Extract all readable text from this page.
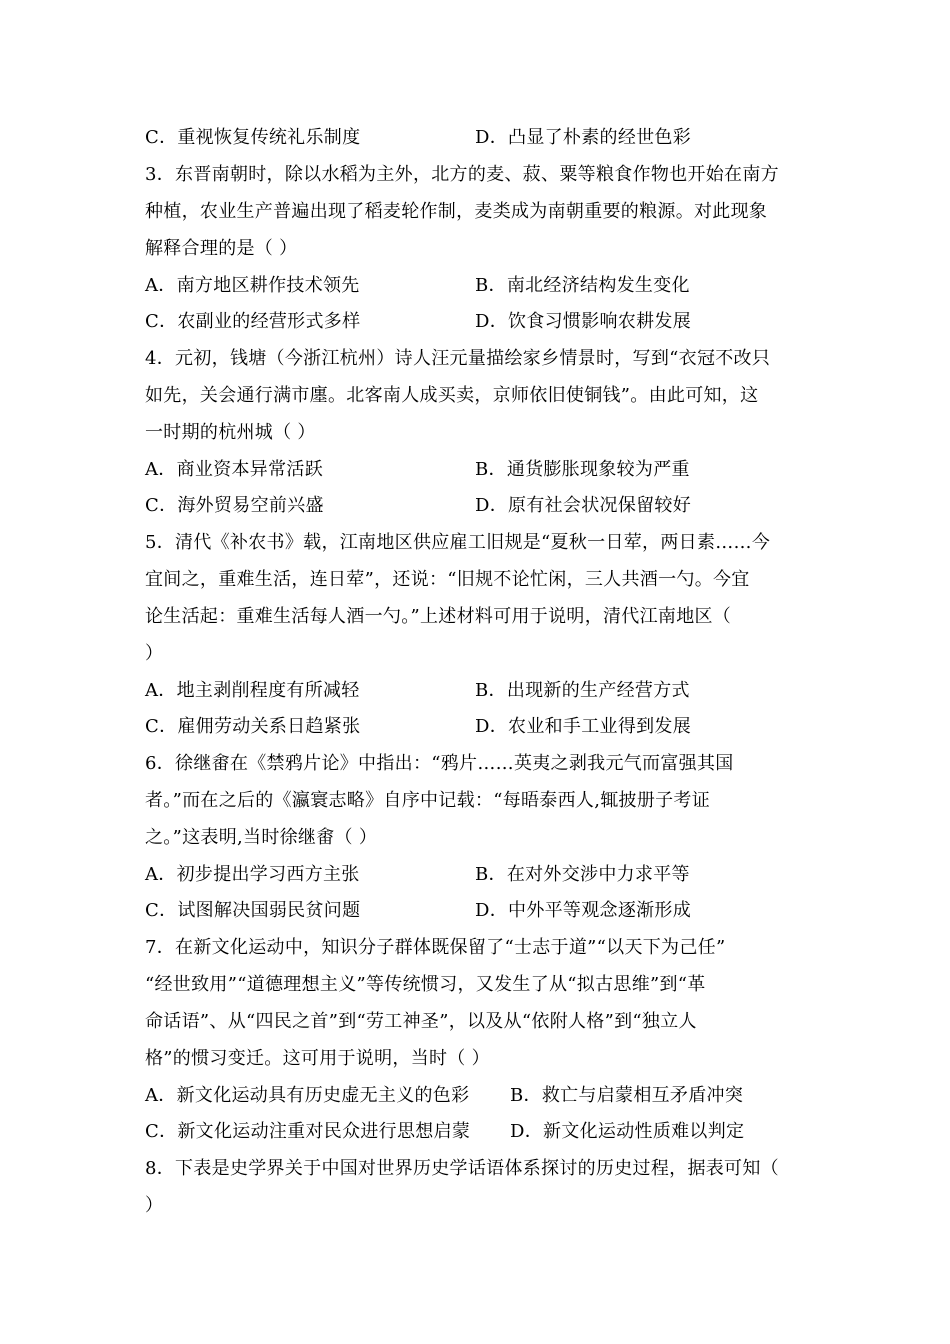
C．重视恢复传统礼乐制度	D．凸显了朴素的经世色彩
3．东晋南朝时，除以水稻为主外，北方的麦、菽、粟等粮食作物也开始在南方
种植，农业生产普遍出现了稻麦轮作制，麦类成为南朝重要的粮源。对此现象
解释合理的是（ ）
A．南方地区耕作技术领先	B．南北经济结构发生变化
C．农副业的经营形式多样	D．饮食习惯影响农耕发展
4．元初，钱塘（今浙江杭州）诗人汪元量描绘家乡情景时，写到“衣冠不改只
如先，关会通行满市廛。北客南人成买卖，京师依旧使铜钱”。由此可知，这
一时期的杭州城（ ）
A．商业资本异常活跃	B．通货膨胀现象较为严重
C．海外贸易空前兴盛	D．原有社会状况保留较好
5．清代《补农书》载，江南地区供应雇工旧规是“夏秋一日荤，两日素……今
宜间之，重难生活，连日荤”，还说：“旧规不论忙闲，三人共酒一勺。今宜
论生活起：重难生活每人酒一勺。”上述材料可用于说明，清代江南地区（
）
A．地主剥削程度有所减轻	B．出现新的生产经营方式
C．雇佣劳动关系日趋紧张	D．农业和手工业得到发展
6．徐继畬在《禁鸦片论》中指出：“鸦片……英夷之剥我元气而富强其国
者。”而在之后的《瀛寰志略》自序中记载：“每晤泰西人,辄披册子考证
之。”这表明,当时徐继畬（ ）
A．初步提出学习西方主张	B．在对外交涉中力求平等
C．试图解决国弱民贫问题	D．中外平等观念逐渐形成
7．在新文化运动中，知识分子群体既保留了“士志于道”“以天下为己任”
“经世致用”“道德理想主义”等传统惯习，又发生了从“拟古思维”到“革
命话语”、从“四民之首”到“劳工神圣”，以及从“依附人格”到“独立人
格”的惯习变迁。这可用于说明，当时（ ）
A．新文化运动具有历史虚无主义的色彩 B．救亡与启蒙相互矛盾冲突
C．新文化运动注重对民众进行思想启蒙 D．新文化运动性质难以判定
8．下表是史学界关于中国对世界历史学话语体系探讨的历史过程，据表可知（
）
